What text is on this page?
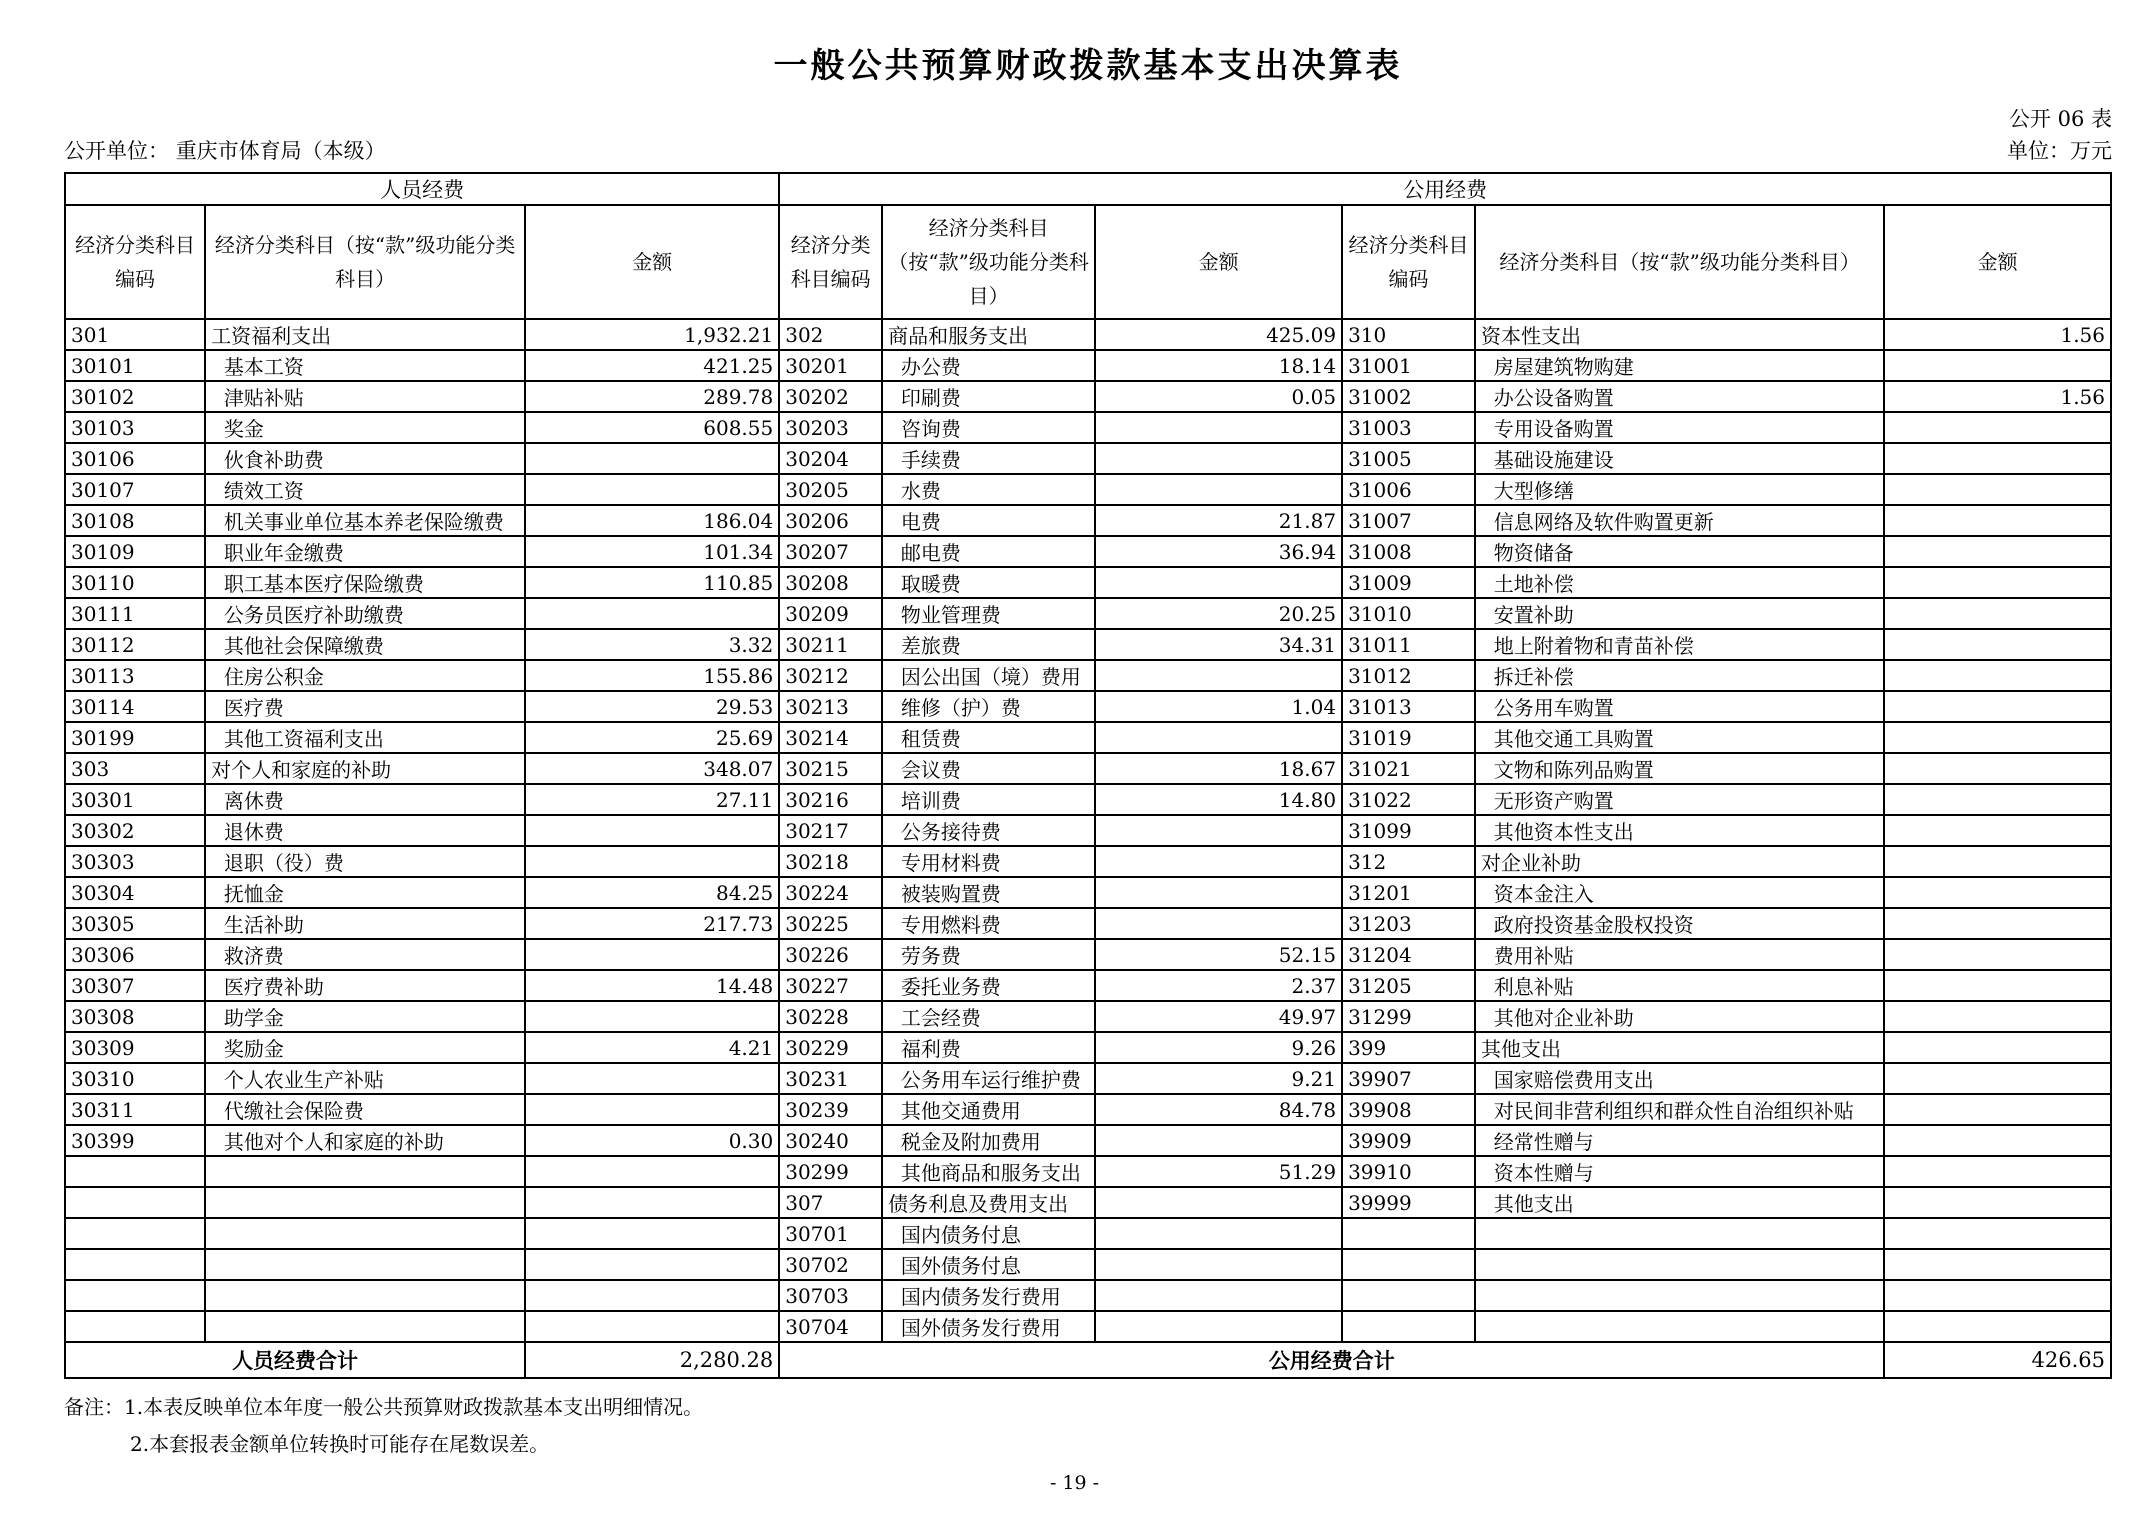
一般公共预算财政拨款基本支出决算表
公开 06 表
公开单位： 重庆市体育局（本级）	单位：万元
人员经费			公用经费					
经济分类科目编码	经济分类科目（按“款”级功能分类科目）	金额	经济分类科目编码	经济分类科目（按“款”级功能分类科目）	金额	经济分类科目编码	经济分类科目（按“款”级功能分类科目）	金额
301	工资福利支出	1,932.21	302	商品和服务支出	425.09	310	资本性支出	1.56
30101	基本工资	421.25	30201	办公费	18.14	31001	房屋建筑物购建	
30102	津贴补贴	289.78	30202	印刷费	0.05	31002	办公设备购置	1.56
30103	奖金	608.55	30203	咨询费		31003	专用设备购置	
30106	伙食补助费		30204	手续费		31005	基础设施建设	
30107	绩效工资		30205	水费		31006	大型修缮	
30108	机关事业单位基本养老保险缴费	186.04	30206	电费	21.87	31007	信息网络及软件购置更新	
30109	职业年金缴费	101.34	30207	邮电费	36.94	31008	物资储备	
30110	职工基本医疗保险缴费	110.85	30208	取暖费		31009	土地补偿	
30111	公务员医疗补助缴费		30209	物业管理费	20.25	31010	安置补助	
30112	其他社会保障缴费	3.32	30211	差旅费	34.31	31011	地上附着物和青苗补偿	
30113	住房公积金	155.86	30212	因公出国（境）费用		31012	拆迁补偿	
30114	医疗费	29.53	30213	维修（护）费	1.04	31013	公务用车购置	
30199	其他工资福利支出	25.69	30214	租赁费		31019	其他交通工具购置	
303	对个人和家庭的补助	348.07	30215	会议费	18.67	31021	文物和陈列品购置	
30301	离休费	27.11	30216	培训费	14.80	31022	无形资产购置	
30302	退休费		30217	公务接待费		31099	其他资本性支出	
30303	退职（役）费		30218	专用材料费		312	对企业补助	
30304	抚恤金	84.25	30224	被装购置费		31201	资本金注入	
30305	生活补助	217.73	30225	专用燃料费		31203	政府投资基金股权投资	
30306	救济费		30226	劳务费	52.15	31204	费用补贴	
30307	医疗费补助	14.48	30227	委托业务费	2.37	31205	利息补贴	
30308	助学金		30228	工会经费	49.97	31299	其他对企业补助	
30309	奖励金	4.21	30229	福利费	9.26	399	其他支出	
30310	个人农业生产补贴		30231	公务用车运行维护费	9.21	39907	国家赔偿费用支出	
30311	代缴社会保险费		30239	其他交通费用	84.78	39908	对民间非营利组织和群众性自治组织补贴	
30399	其他对个人和家庭的补助	0.30	30240	税金及附加费用		39909	经常性赠与	
			30299	其他商品和服务支出	51.29	39910	资本性赠与	
			307	债务利息及费用支出		39999	其他支出	
			30701	国内债务付息				
			30702	国外债务付息				
			30703	国内债务发行费用				
			30704	国外债务发行费用				
人员经费合计		2,280.28	公用经费合计					426.65
备注：1.本表反映单位本年度一般公共预算财政拨款基本支出明细情况。
2.本套报表金额单位转换时可能存在尾数误差。
- 19 -
